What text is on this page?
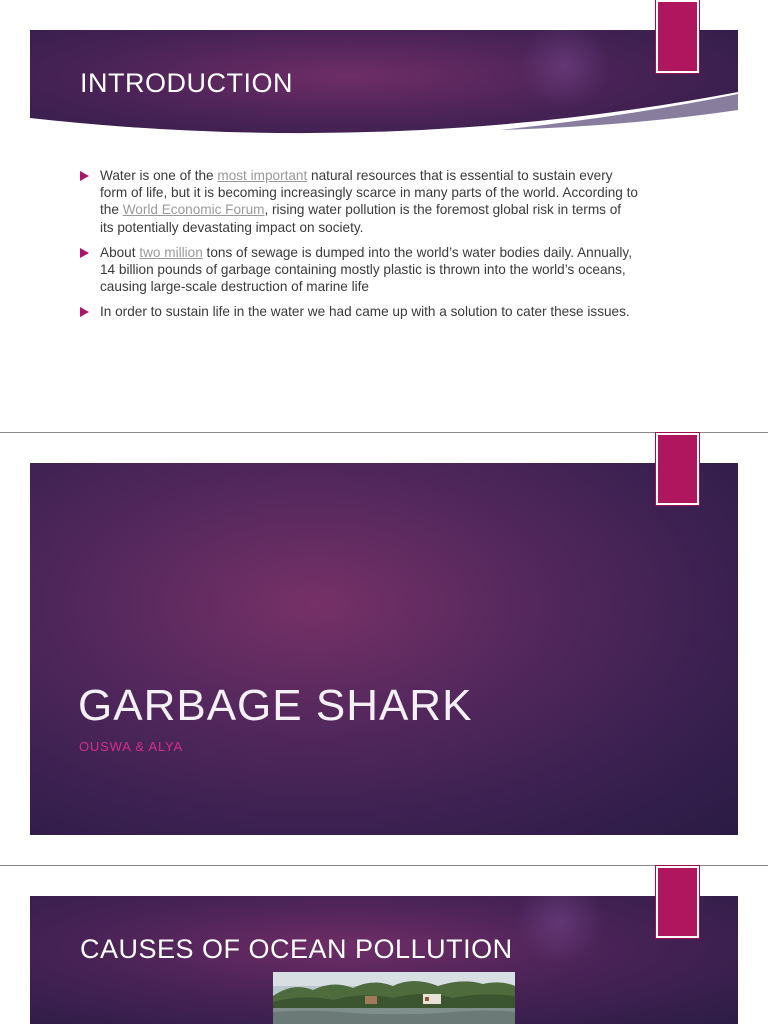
INTRODUCTION
Water is one of the most important natural resources that is essential to sustain every form of life, but it is becoming increasingly scarce in many parts of the world. According to the World Economic Forum, rising water pollution is the foremost global risk in terms of its potentially devastating impact on society.
About two million tons of sewage is dumped into the world’s water bodies daily. Annually, 14 billion pounds of garbage containing mostly plastic is thrown into the world’s oceans, causing large-scale destruction of marine life
In order to sustain life in the water we had came up with a solution to cater these issues.
GARBAGE SHARK
OUSWA & ALYA
CAUSES OF OCEAN POLLUTION
